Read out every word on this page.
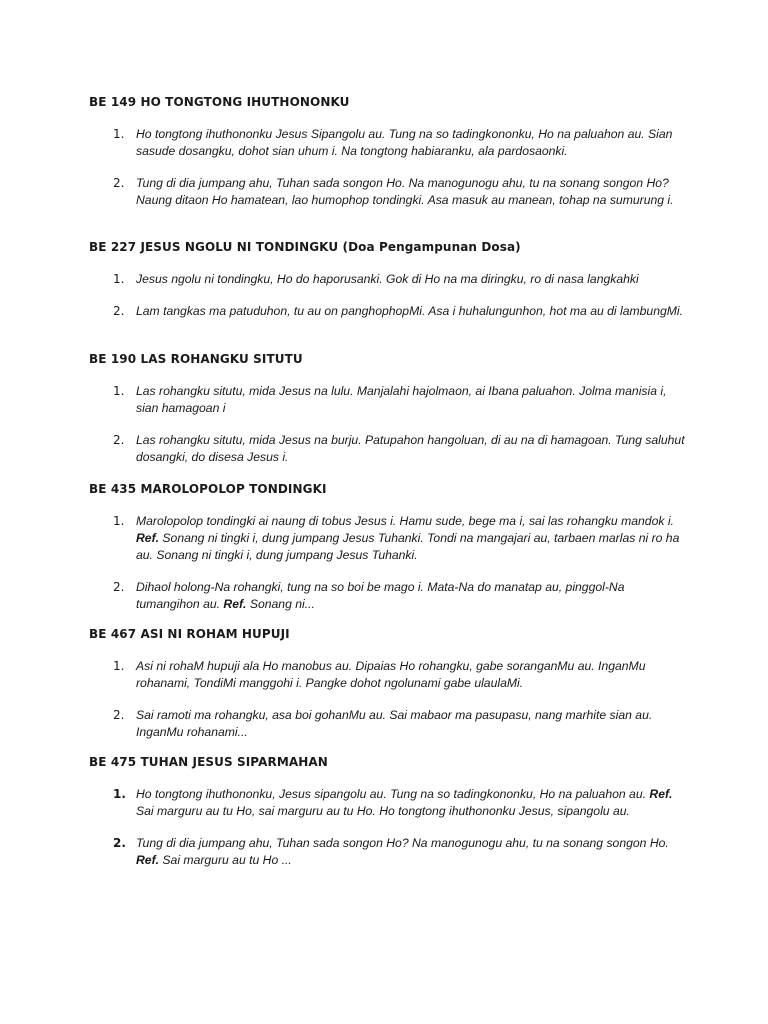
BE 149 HO TONGTONG IHUTHONONKU
1. Ho tongtong ihuthononku Jesus Sipangolu au. Tung na so tadingkononku, Ho na paluahon au. Sian sasude dosangku, dohot sian uhum i. Na tongtong habiaranku, ala pardosaonki.
2. Tung di dia jumpang ahu, Tuhan sada songon Ho. Na manogunogu ahu, tu na sonang songon Ho? Naung ditaon Ho hamatean, lao humophop tondingki. Asa masuk au manean, tohap na sumurung i.
BE 227 JESUS NGOLU NI TONDINGKU (Doa Pengampunan Dosa)
1. Jesus ngolu ni tondingku, Ho do haporusanki. Gok di Ho na ma diringku, ro di nasa langkahki
2. Lam tangkas ma patuduhon, tu au on panghophopMi. Asa i huhalungunhon, hot ma au di lambungMi.
BE 190 LAS ROHANGKU SITUTU
1. Las rohangku situtu, mida Jesus na lulu. Manjalahi hajolmaon, ai Ibana paluahon. Jolma manisia i, sian hamagoan i
2. Las rohangku situtu, mida Jesus na burju. Patupahon hangoluan, di au na di hamagoan. Tung saluhut dosangki, do disesa Jesus i.
BE 435 MAROLOPOLOP TONDINGKI
1. Marolopolop tondingki ai naung di tobus Jesus i. Hamu sude, bege ma i, sai las rohangku mandok i. Ref. Sonang ni tingki i, dung jumpang Jesus Tuhanki. Tondi na mangajari au, tarbaen marlas ni ro ha au. Sonang ni tingki i, dung jumpang Jesus Tuhanki.
2. Dihaol holong-Na rohangki, tung na so boi be mago i. Mata-Na do manatap au, pinggol-Na tumangihon au. Ref. Sonang ni...
BE 467 ASI NI ROHAM HUPUJI
1. Asi ni rohaM hupuji ala Ho manobus au. Dipaias Ho rohangku, gabe soranganMu au. InganMu rohanami, TondiMi manggohi i. Pangke dohot ngolunami gabe ulaulaMi.
2. Sai ramoti ma rohangku, asa boi gohanMu au. Sai mabaor ma pasupasu, nang marhite sian au. InganMu rohanami...
BE 475 TUHAN JESUS SIPARMAHAN
1. Ho tongtong ihuthononku, Jesus sipangolu au. Tung na so tadingkononku, Ho na paluahon au. Ref. Sai marguru au tu Ho, sai marguru au tu Ho. Ho tongtong ihuthononku Jesus, sipangolu au.
2. Tung di dia jumpang ahu, Tuhan sada songon Ho? Na manogunogu ahu, tu na sonang songon Ho. Ref. Sai marguru au tu Ho ...
